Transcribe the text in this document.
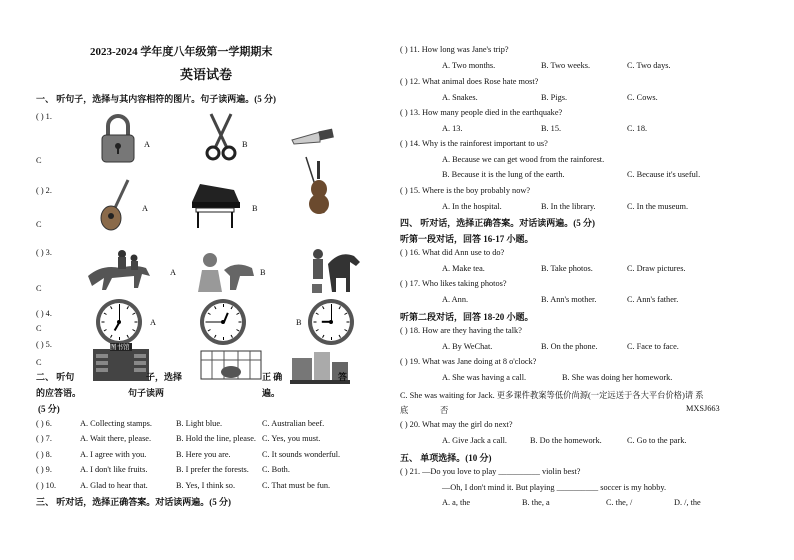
2023-2024 学年度八年级第一学期期末
英语试卷
一、 听句子，选择与其内容相符的图片。句子读两遍。(5 分)
( ) 1.
A	B
C
( ) 2.
A	B
C
( ) 3.
A	B
C
( ) 4.
C
A	B
( ) 5.
C
图书馆
二、 听句	子，选择	正 确	答
的应答语。	句子读两	遍。
(5 分)
( ) 6.	A. Collecting stamps.	B. Light blue.	C. Australian beef.
( ) 7.	A. Wait there, please.	B. Hold the line, please. C. Yes, you must.
( ) 8.	A. I agree with you.	B. Here you are.	C. It sounds wonderful.
( ) 9.	A. I don't like fruits.	B. I prefer the forests. C. Both.
( ) 10.	A. Glad to hear that.	B. Yes, I think so.	C. That must be fun.
三、 听对话，选择正确答案。对话读两遍。(5 分)
( ) 11. How long was Jane's trip?
A. Two months.	B. Two weeks.	C. Two days.
( ) 12. What animal does Rose hate most?
A. Snakes.	B. Pigs.	C. Cows.
( ) 13. How many people died in the earthquake?
A. 13.	B. 15.	C. 18.
( ) 14. Why is the rainforest important to us?
A. Because we can get wood from the rainforest.
B. Because it is the lung of the earth.	C. Because it's useful.
( ) 15. Where is the boy probably now?
A. In the hospital.	B. In the library.	C. In the museum.
四、 听对话，选择正确答案。对话读两遍。(5 分)
听第一段对话，回答 16-17 小题。
( ) 16. What did Ann use to do?
A. Make tea.	B. Take photos.	C. Draw pictures.
( ) 17. Who likes taking photos?
A. Ann.	B. Ann's mother.	C. Ann's father.
听第二段对话，回答 18-20 小题。
( ) 18. How are they having the talk?
A. By WeChat.	B. On the phone.	C. Face to face.
( ) 19. What was Jane doing at 8 o'clock?
A. She was having a call.	B. She was doing her homework.
C. She was waiting for Jack. 更多课件教案等低价尚源(一定远送于各大平台价格)请 系
底	否	MXSJ663
( ) 20. What may the girl do next?
A. Give Jack a call.	B. Do the homework.	C. Go to the park.
五、 单项选择。(10 分)
( ) 21. —Do you love to play __________ violin best?
—Oh, I don't mind it. But playing __________ soccer is my hobby.
A. a, the	B. the, a	C. the, /	D. /, the
